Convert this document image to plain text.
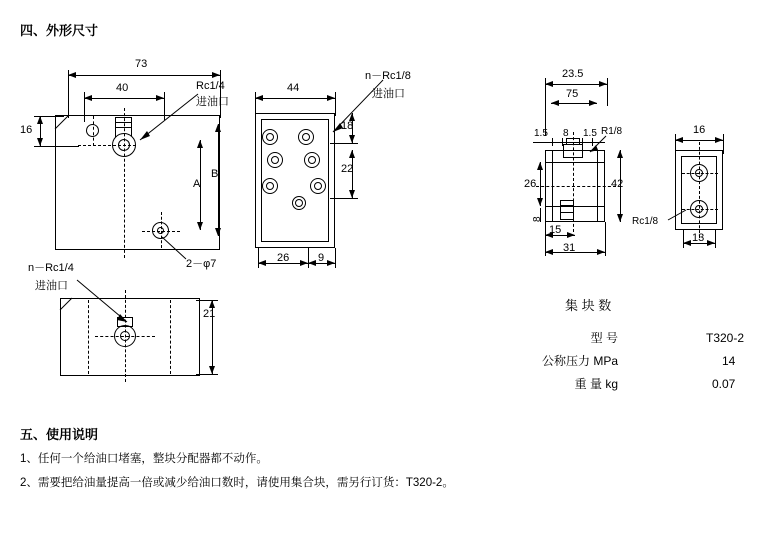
四、外形尺寸
73
40
16
Rc1/4
进油口
A
B
2－φ7
44
n－Rc1/8
进油口
18
22
26	9
n－Rc1/4
进油口
21
23.5
75
1.5 8 1.5 R1/8
26
8
42
15
31
16
Rc1/8
13
集 块 数
型 号		T320-2
公称压力 MPa		14
重 量 kg		0.07
五、使用说明
1、任何一个给油口堵塞，整块分配器都不动作。
2、需要把给油量提高一倍或减少给油口数时，请使用集合块，需另行订货：T320-2。
